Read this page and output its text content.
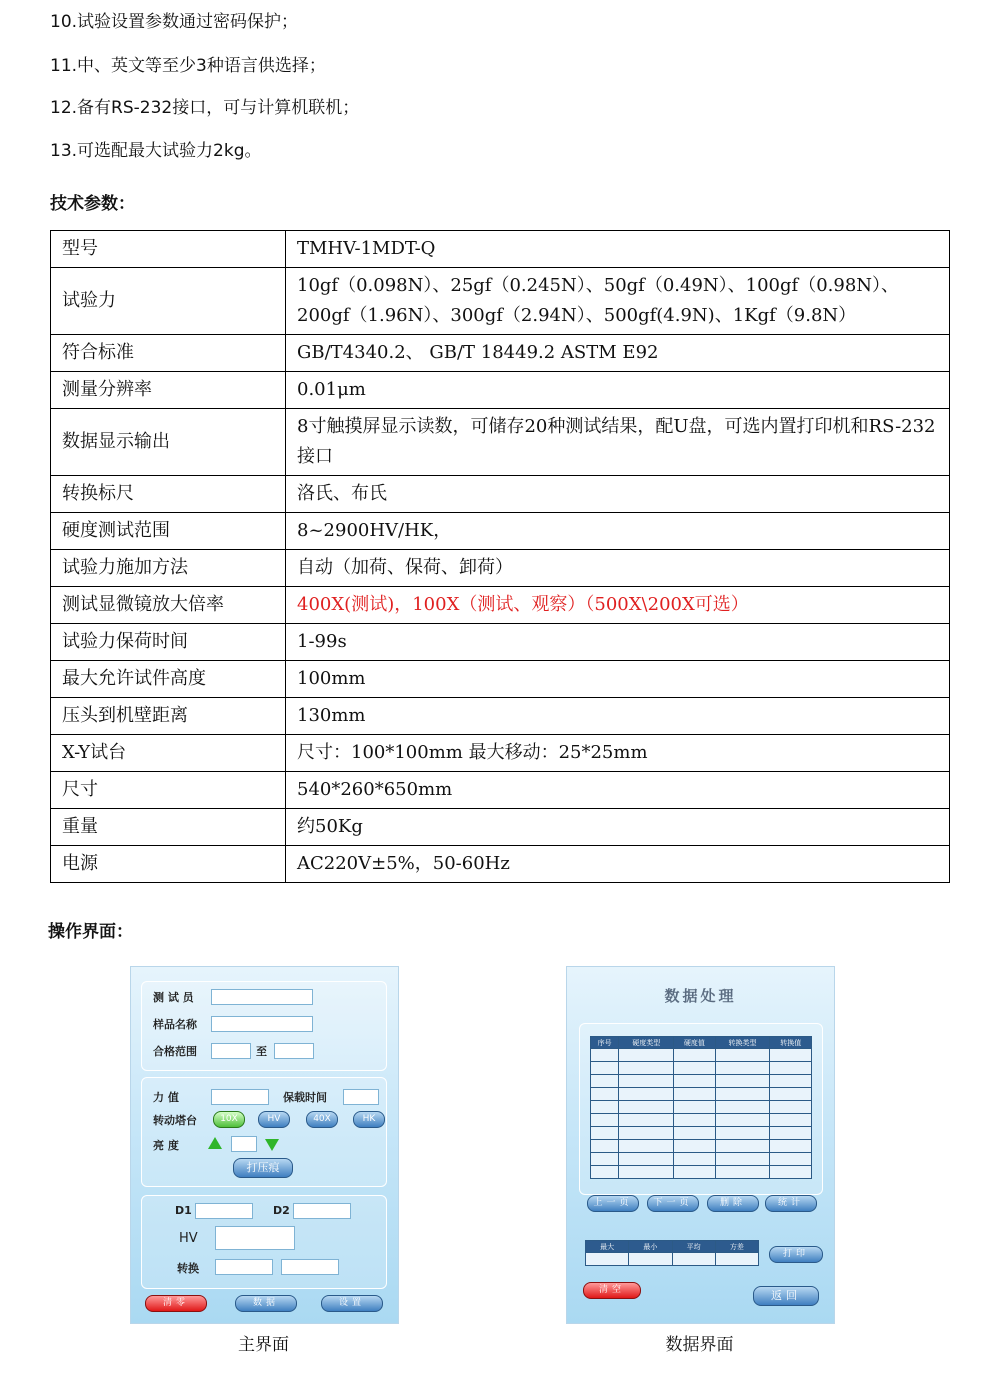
10.试验设置参数通过密码保护；
11.中、英文等至少3种语言供选择；
12.备有RS-232接口，可与计算机联机；
13.可选配最大试验力2kg。
技术参数：
型号	TMHV-1MDT-Q
试验力	10gf（0.098N）、25gf（0.245N）、50gf（0.49N）、100gf（0.98N）、200gf（1.96N）、300gf（2.94N）、500gf(4.9N)、1Kgf（9.8N）
符合标准	GB/T4340.2、 GB/T 18449.2 ASTM E92
测量分辨率	0.01μm
数据显示输出	8寸触摸屏显示读数，可储存20种测试结果，配U盘，可选内置打印机和RS-232接口
转换标尺	洛氏、布氏
硬度测试范围	8~2900HV/HK，
试验力施加方法	自动（加荷、保荷、卸荷）
测试显微镜放大倍率	400X(测试)，100X（测试、观察）（500X\200X可选）
试验力保荷时间	1-99s
最大允许试件高度	100mm
压头到机壁距离	130mm
X-Y试台	尺寸：100*100mm 最大移动：25*25mm
尺寸	540*260*650mm
重量	约50Kg
电源	AC220V±5%，50-60Hz
操作界面：
测 试 员
样品名称
合格范围	至
力 值	保载时间
转动塔台	10X	HV	40X	HK
亮 度
打压痕
D1	D2
HV
转换
清零	数据	设置
主界面
数据处理
序号	硬度类型	硬度值	转换类型	转换值

上一页	下一页	删除	统计
最大	最小	平均	方差

打印
清空	返回
数据界面
